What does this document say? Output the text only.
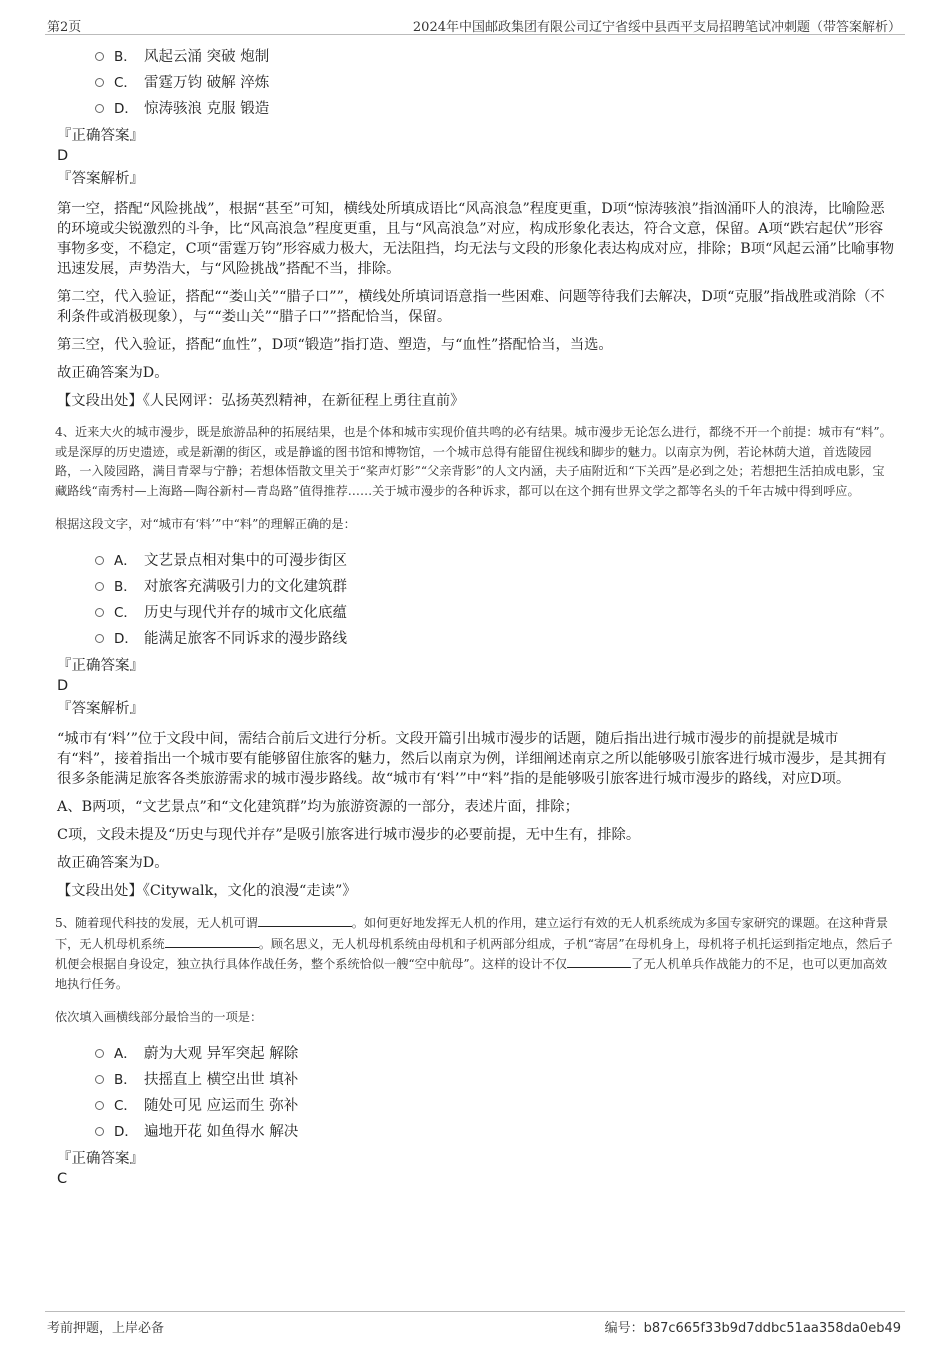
第2页	2024年中国邮政集团有限公司辽宁省绥中县西平支局招聘笔试冲刺题（带答案解析）
B． 风起云涌 突破 炮制
C． 雷霆万钧 破解 淬炼
D． 惊涛骇浪 克服 锻造
『正确答案』
D
『答案解析』

第一空，搭配“风险挑战”，根据“甚至”可知，横线处所填成语比“风高浪急”程度更重，D项“惊涛骇浪”指汹涌吓人的浪涛，比喻险恶的环境或尖锐激烈的斗争，比“风高浪急”程度更重，且与“风高浪急”对应，构成形象化表达，符合文意，保留。A项“跌宕起伏”形容事物多变，不稳定，C项“雷霆万钧”形容威力极大，无法阻挡，均无法与文段的形象化表达构成对应，排除；B项“风起云涌”比喻事物迅速发展，声势浩大，与“风险挑战”搭配不当，排除。

第二空，代入验证，搭配““娄山关”“腊子口””，横线处所填词语意指一些困难、问题等待我们去解决，D项“克服”指战胜或消除（不利条件或消极现象），与““娄山关”“腊子口””搭配恰当，保留。

第三空，代入验证，搭配“血性”，D项“锻造”指打造、塑造，与“血性”搭配恰当，当选。

故正确答案为D。

【文段出处】《人民网评：弘扬英烈精神，在新征程上勇往直前》

4、近来大火的城市漫步，既是旅游品种的拓展结果，也是个体和城市实现价值共鸣的必有结果。城市漫步无论怎么进行，都绕不开一个前提：城市有“料”。或是深厚的历史遗迹，或是新潮的街区，或是静谧的图书馆和博物馆，一个城市总得有能留住视线和脚步的魅力。以南京为例，若论林荫大道，首选陵园路，一入陵园路，满目青翠与宁静；若想体悟散文里关于“桨声灯影”“父亲背影”的人文内涵，夫子庙附近和“下关西”是必到之处；若想把生活拍成电影，宝藏路线“南秀村—上海路—陶谷新村—青岛路”值得推荐……关于城市漫步的各种诉求，都可以在这个拥有世界文学之都等名头的千年古城中得到呼应。

根据这段文字，对“城市有‘料’”中“料”的理解正确的是：

A． 文艺景点相对集中的可漫步街区
B． 对旅客充满吸引力的文化建筑群
C． 历史与现代并存的城市文化底蕴
D． 能满足旅客不同诉求的漫步路线
『正确答案』
D
『答案解析』

“城市有‘料’”位于文段中间，需结合前后文进行分析。文段开篇引出城市漫步的话题，随后指出进行城市漫步的前提就是城市有“料”，接着指出一个城市要有能够留住旅客的魅力，然后以南京为例，详细阐述南京之所以能够吸引旅客进行城市漫步，是其拥有很多条能满足旅客各类旅游需求的城市漫步路线。故“城市有‘料’”中“料”指的是能够吸引旅客进行城市漫步的路线，对应D项。

A、B两项，“文艺景点”和“文化建筑群”均为旅游资源的一部分，表述片面，排除；

C项，文段未提及“历史与现代并存”是吸引旅客进行城市漫步的必要前提，无中生有，排除。

故正确答案为D。

【文段出处】《Citywalk，文化的浪漫“走读”》

5、随着现代科技的发展，无人机可谓	。如何更好地发挥无人机的作用，建立运行有效的无人机系统成为多国专家研究的课题。在这种背景下，无人机母机系统	。顾名思义，无人机母机系统由母机和子机两部分组成，子机“寄居”在母机身上，母机将子机托运到指定地点，然后子机便会根据自身设定，独立执行具体作战任务，整个系统恰似一艘“空中航母”。这样的设计不仅	了无人机单兵作战能力的不足，也可以更加高效地执行任务。

依次填入画横线部分最恰当的一项是：

A． 蔚为大观 异军突起 解除
B． 扶摇直上 横空出世 填补
C． 随处可见 应运而生 弥补
D． 遍地开花 如鱼得水 解决
『正确答案』
C
考前押题，上岸必备	编号：b87c665f33b9d7ddbc51aa358da0eb49
